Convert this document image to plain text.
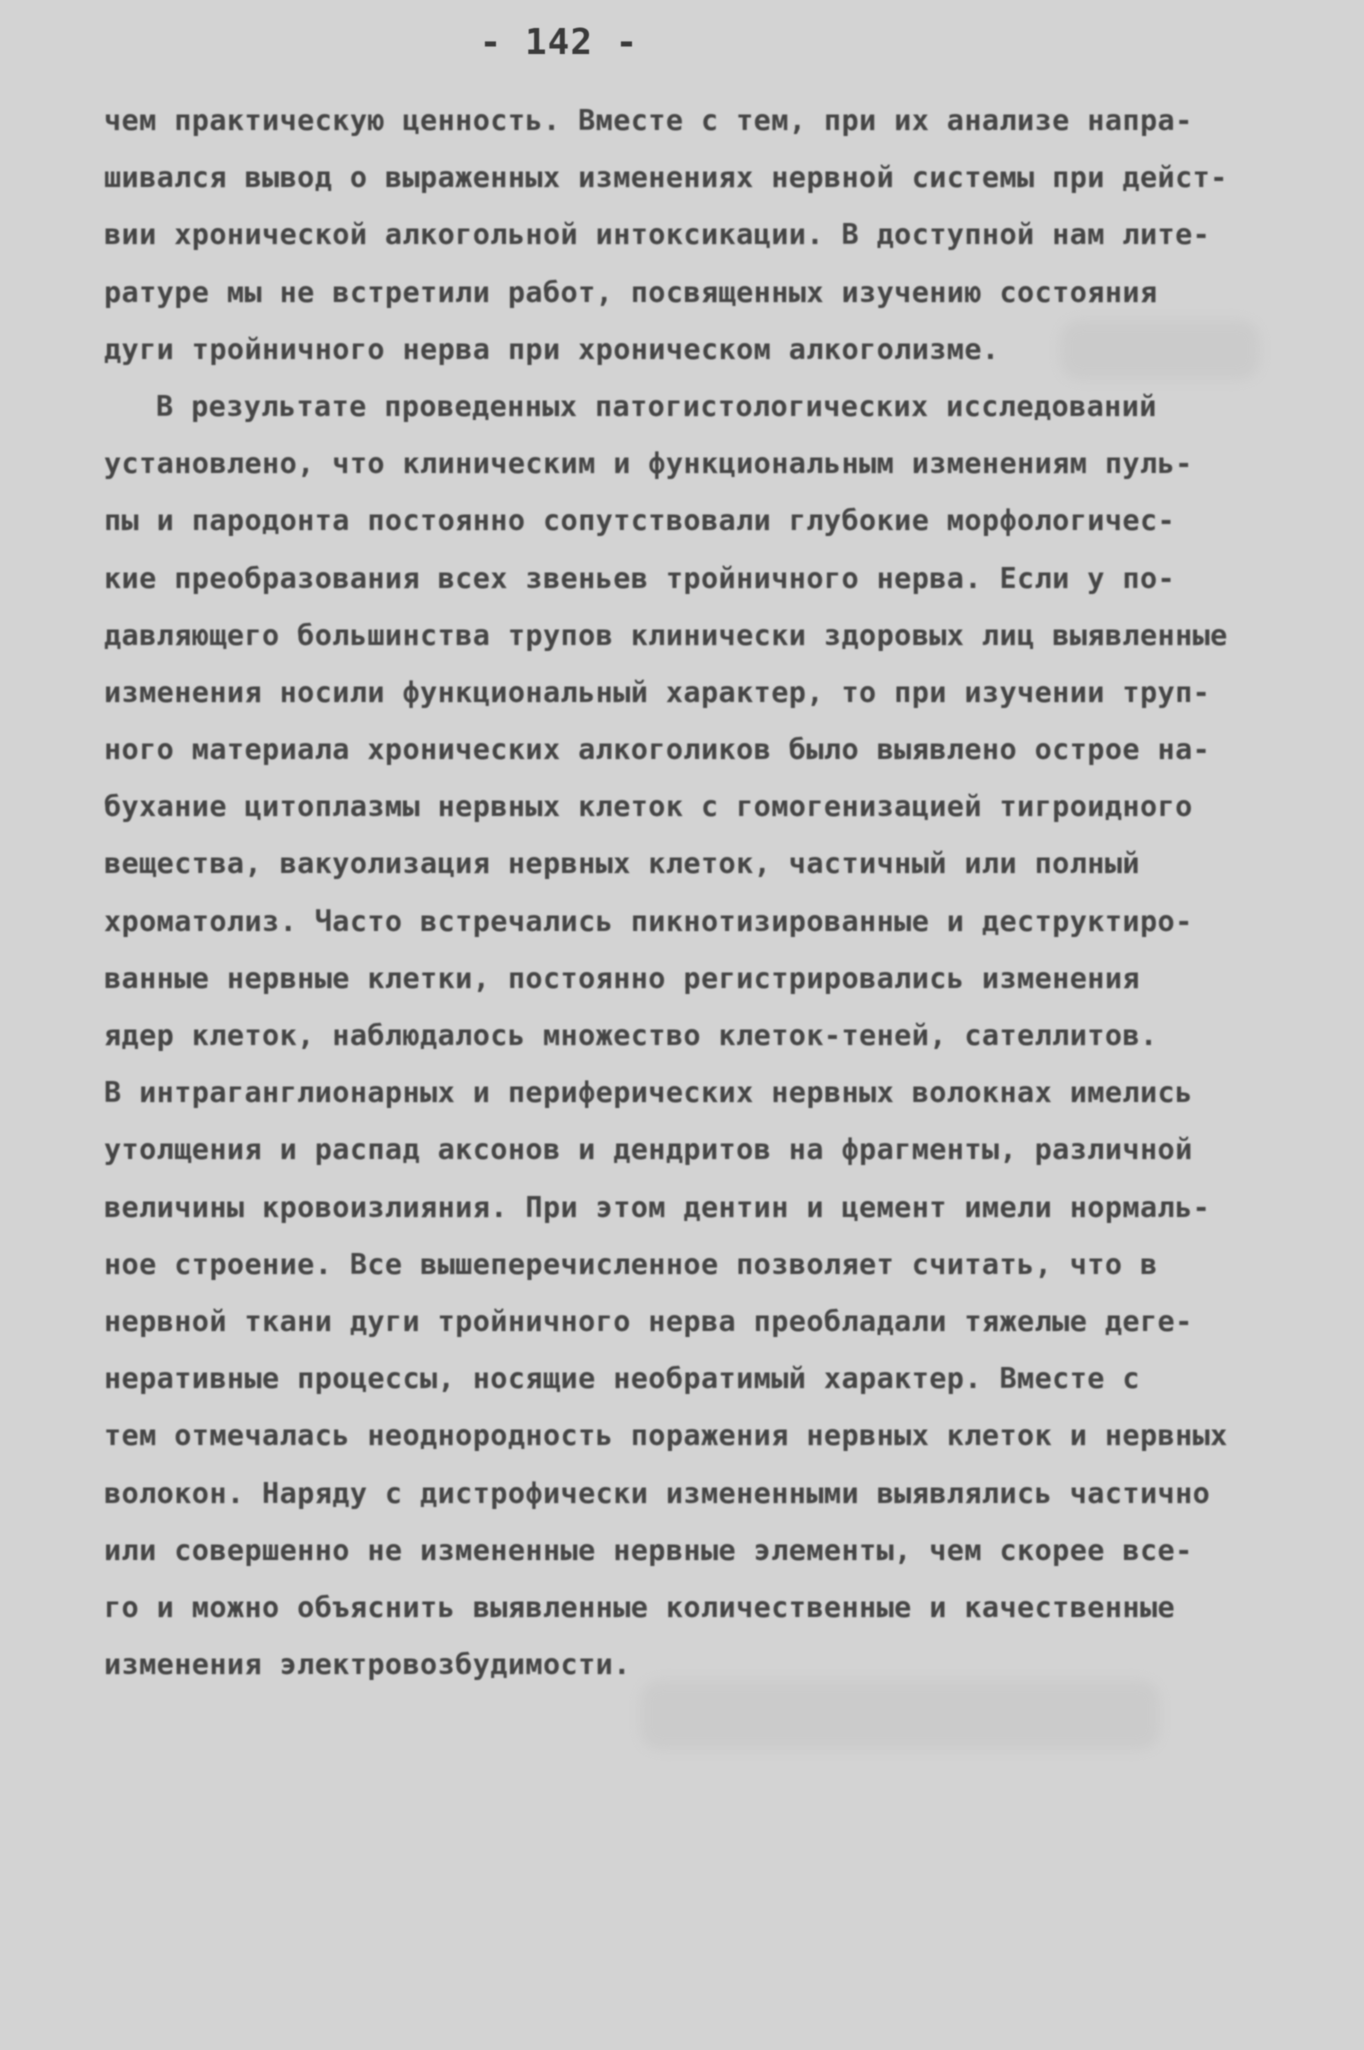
- 142 -
чем практическую ценность. Вместе с тем, при их анализе напра-
шивался вывод о выраженных изменениях нервной системы при дейст-
вии хронической алкогольной интоксикации. В доступной нам лите-
ратуре мы не встретили работ, посвященных изучению состояния
дуги тройничного нерва при хроническом алкоголизме.
В результате проведенных патогистологических исследований
установлено, что клиническим и функциональным изменениям пуль-
пы и пародонта постоянно сопутствовали глубокие морфологичес-
кие преобразования всех звеньев тройничного нерва. Если у по-
давляющего большинства трупов клинически здоровых лиц выявленные
изменения носили функциональный характер, то при изучении труп-
ного материала хронических алкоголиков было выявлено острое на-
бухание цитоплазмы нервных клеток с гомогенизацией тигроидного
вещества, вакуолизация нервных клеток, частичный или полный
хроматолиз. Часто встречались пикнотизированные и деструктиро-
ванные нервные клетки, постоянно регистрировались изменения
ядер клеток, наблюдалось множество клеток-теней, сателлитов.
В интраганглионарных и периферических нервных волокнах имелись
утолщения и распад аксонов и дендритов на фрагменты, различной
величины кровоизлияния. При этом дентин и цемент имели нормаль-
ное строение. Все вышеперечисленное позволяет считать, что в
нервной ткани дуги тройничного нерва преобладали тяжелые деге-
неративные процессы, носящие необратимый характер. Вместе с
тем отмечалась неоднородность поражения нервных клеток и нервных
волокон. Наряду с дистрофически измененными выявлялись частично
или совершенно не измененные нервные элементы, чем скорее все-
го и можно объяснить выявленные количественные и качественные
изменения электровозбудимости.
